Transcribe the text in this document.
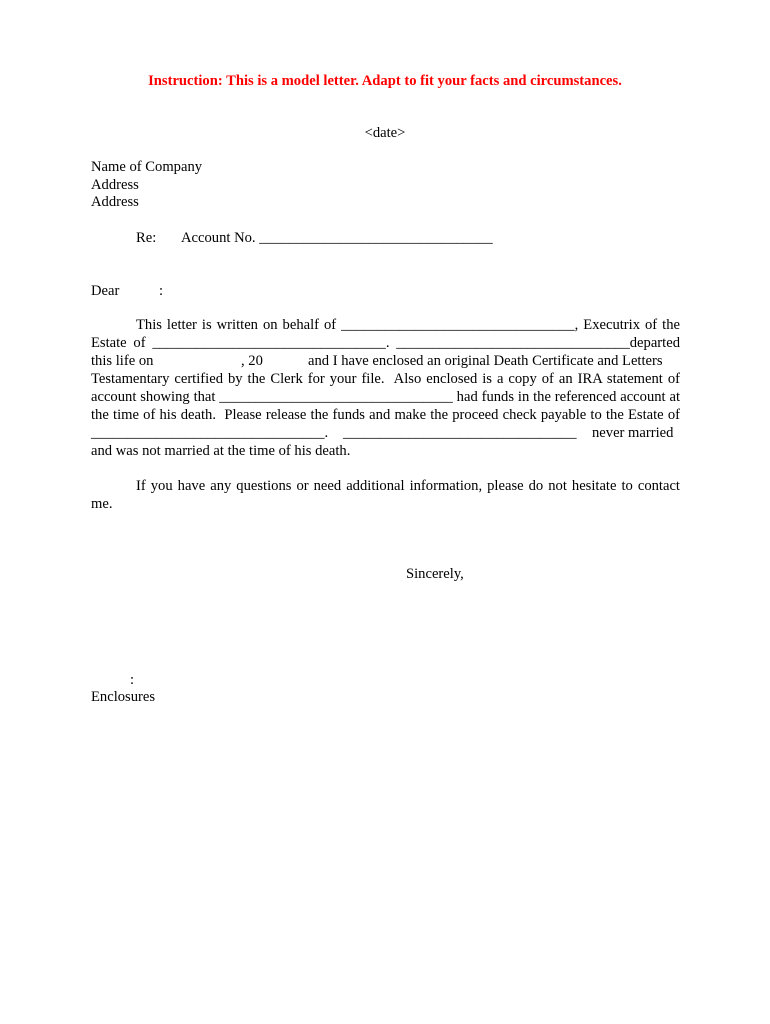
Instruction: This is a model letter. Adapt to fit your facts and circumstances.
<date>
Name of Company
Address
Address
Re: Account No. ________________________________
Dear	:
This letter is written on behalf of ________________________________, Executrix of the
Estate of ________________________________. ________________________________departed
this life on	, 20	and I have enclosed an original Death Certificate and Letters
Testamentary certified by the Clerk for your file.  Also enclosed is a copy of an IRA statement of
account showing that ________________________________ had funds in the referenced account at
the time of his death.  Please release the funds and make the proceed check payable to the Estate of
________________________________. ________________________________ never married
and was not married at the time of his death.
If you have any questions or need additional information, please do not hesitate to contact
me.
Sincerely,
:
Enclosures
